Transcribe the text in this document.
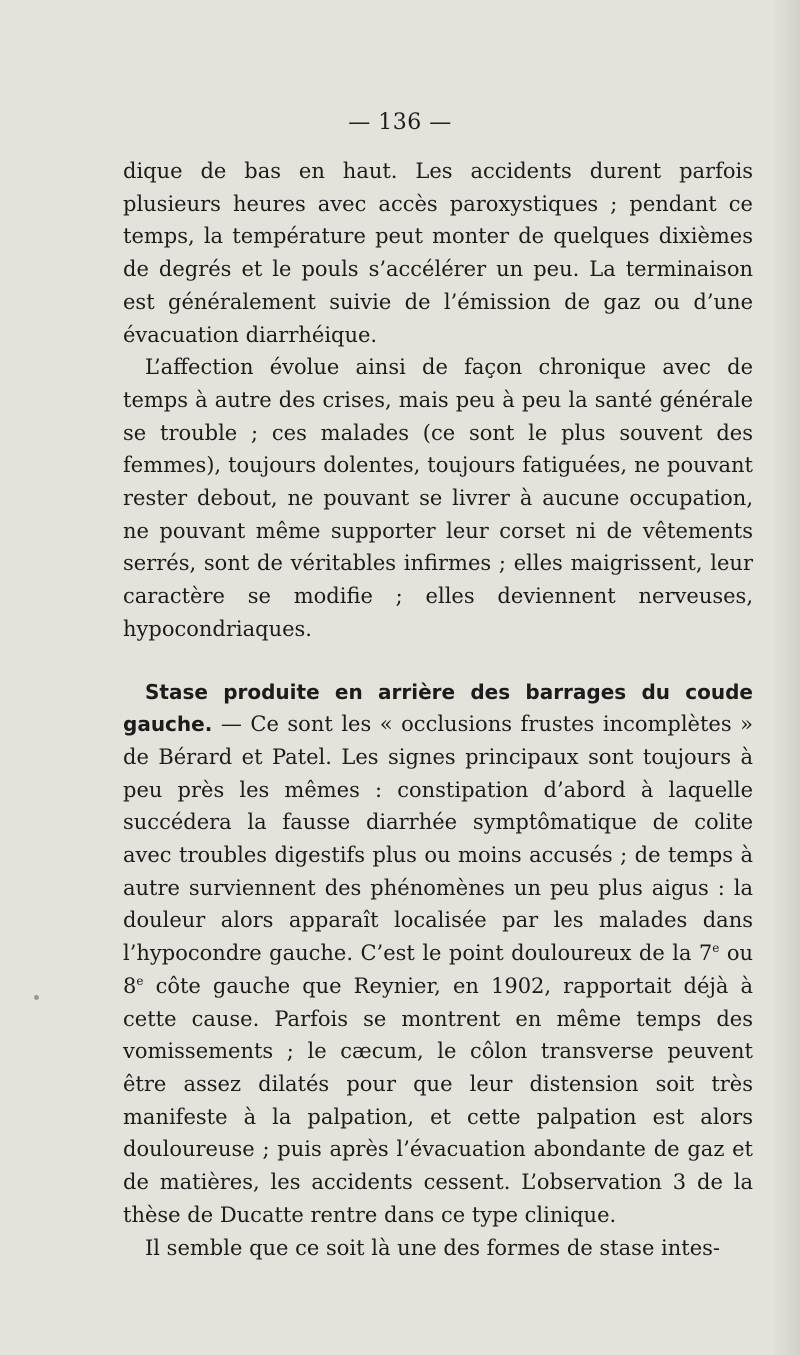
— 136 —

dique de bas en haut. Les accidents durent parfois plusieurs heures avec accès paroxystiques ; pendant ce temps, la température peut monter de quelques dixièmes de degrés et le pouls s’accélérer un peu. La terminaison est généralement suivie de l’émission de gaz ou d’une évacuation diarrhéique.

L’affection évolue ainsi de façon chronique avec de temps à autre des crises, mais peu à peu la santé générale se trouble ; ces malades (ce sont le plus souvent des femmes), toujours dolentes, toujours fatiguées, ne pouvant rester debout, ne pouvant se livrer à aucune occupation, ne pouvant même supporter leur corset ni de vêtements serrés, sont de véritables infirmes ; elles maigrissent, leur caractère se modifie ; elles deviennent nerveuses, hypocondriaques.

Stase produite en arrière des barrages du coude gauche. — Ce sont les « occlusions frustes incomplètes » de Bérard et Patel. Les signes principaux sont toujours à peu près les mêmes : constipation d’abord à laquelle succédera la fausse diarrhée symptômatique de colite avec troubles digestifs plus ou moins accusés ; de temps à autre surviennent des phénomènes un peu plus aigus : la douleur alors apparaît localisée par les malades dans l’hypocondre gauche. C’est le point douloureux de la 7e ou 8e côte gauche que Reynier, en 1902, rapportait déjà à cette cause. Parfois se montrent en même temps des vomissements ; le cæcum, le côlon transverse peuvent être assez dilatés pour que leur distension soit très manifeste à la palpation, et cette palpation est alors douloureuse ; puis après l’évacuation abondante de gaz et de matières, les accidents cessent. L’observation 3 de la thèse de Ducatte rentre dans ce type clinique.

Il semble que ce soit là une des formes de stase intes-
